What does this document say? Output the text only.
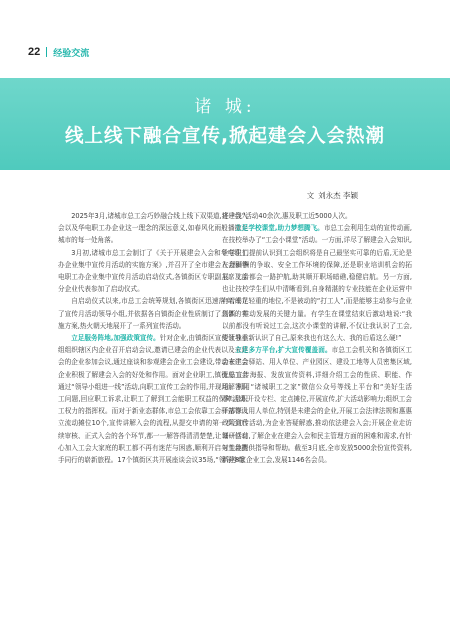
22 经验交流
诸 城:
线上线下融合宣传,掀起建会入会热潮
文 刘永杰 李颖

2025年3月,诸城市总工会巧妙融合线上线下双渠道,将建会入会以及华电职工办企业这一理念的深远意义,如春风化雨般播撒至城市的每一处角落。

3月初,诸城市总工会制订了《关于开展建会入会和华电职工办企业集中宣传月活动的实施方案》,并召开了全市建会入会和华电职工办企业集中宣传月活动启动仪式,各镇街区专职副主席及部分企业代表参加了启动仪式。

自启动仪式以来,市总工会统筹规划,各镇街区迅速落实,成立了宣传月活动领导小组,并依据各自镇街企业性质制订了具体的实施方案,热火朝天地展开了一系列宣传活动。

立足服务阵地,加强政策宣传。针对企业,由镇街区宣传领导小组组织辖区内企业召开启动会议,邀请已建会的企业代表以及未建会的企业参加会议,通过座谈和参观建会企业工会建设,带动未建会企业积极了解建会入会的好处和作用。面对企业职工,镇街总工会通过“领导小组进一线”活动,向职工宣传工会的作用,并现场解答职工问题,回应职工诉求,让职工了解到工会能职工权益的保障,是职工权力的指挥权。而对于新业态群体,市总工会依靠工会驿站等设立流动摊位10个,宣传讲解入会的流程,从提交申请的第一步,到后续审核、正式入会的各个环节,都一一解答得清清楚楚,让每一位有心加入工会大家庭的职工都不再有迷茫与困惑,顺利开启与工会携手同行的崭新旅程。17个镇街区共开展座谈会议35场,“领导小组

进一线”活动40余次,惠及职工近5000人次。

立足学校课堂,助力梦想腾飞。市总工会利用生动的宣传动画,在技校举办了“工会小课堂”活动。一方面,详尽了解建会入会知识,让学生们提前认识到工会组织将是自己最坚实可靠的后盾,无论是在理薪酬的争取、安全工作环境的保障,还是职业培训机会的拓展、工会都会一路护航,助其顺开职场暗礁,稳健启航。另一方面,也让技校学生们从中清晰看到,自身精湛的专业技能在企业运营中有着举足轻重的地位,不是被动的“打工人”,而是能够主动参与企业创新、推动发展的关键力量。有学生在课堂结束后激动地说:“我以前都没有听说过工会,这次小课堂的讲解,不仅让我认识了工会,更让我重新认识了自己,原来我也有这么大、我的后盾这么硬!”

立足多方平台,扩大宣传覆盖面。市总工会机关和各镇街区工会在工会驿站、用人单位、产业园区、建设工地等人员密集区域,张贴宣传海报、发放宣传资料,详细介绍工会的性质、职能、作用。利用“诸城职工之家”微信公众号等线上平台和“美好生活季”活动,开设专栏、定点摊位,开展宣传,扩大活动影响力;组织工会干部深入用人单位,特别是未建会的企业,开展工会法律法规和惠惠政策宣传活动,为企业答疑解惑,推动依法建会入会;开展企业走访调研活动,了解企业在建会入会和民主管理方面的困难和需求,有针对性地提供指导和帮助。截至3月底,全市发放5000余份宣传资料,新建8家企业工会,发展1146名会员。
